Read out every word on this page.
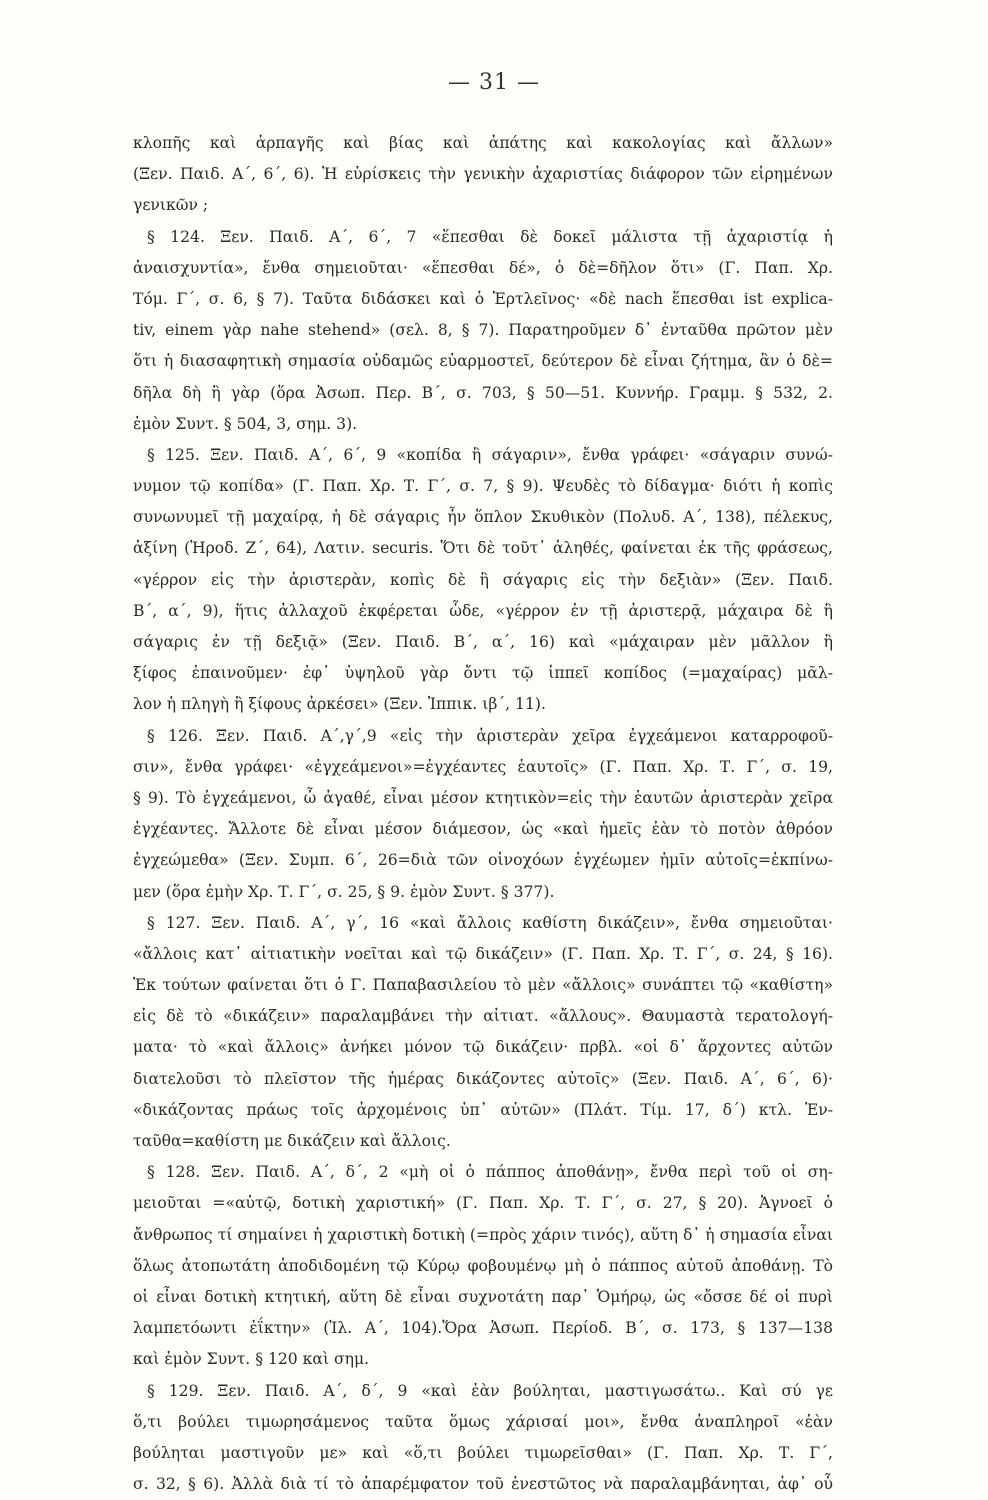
— 31 —
κλοπῆς καὶ ἁρπαγῆς καὶ βίας καὶ ἀπάτης καὶ κακολογίας καὶ ἄλλων»
(Ξεν. Παιδ. Α΄, 6΄, 6). Ἡ εὑρίσκεις τὴν γενικὴν ἀχαριστίας διάφορον τῶν εἰρημένων
γενικῶν ;
§ 124. Ξεν. Παιδ. Α΄, 6΄, 7 «ἕπεσθαι δὲ δοκεῖ μάλιστα τῇ ἀχαριστίᾳ ἡ
ἀναισχυντία», ἔνθα σημειοῦται· «ἕπεσθαι δέ», ὁ δὲ=δῆλον ὅτι» (Γ. Παπ. Χρ.
Τόμ. Γ΄, σ. 6, § 7). Ταῦτα διδάσκει καὶ ὁ Ἑρτλεῖνος· «δὲ nach ἕπεσθαι ist explica-
tiv, einem γὰρ nahe stehend» (σελ. 8, § 7). Παρατηροῦμεν δ᾿ ἐνταῦθα πρῶτον μὲν
ὅτι ἡ διασαφητικὴ σημασία οὐδαμῶς εὐαρμοστεῖ, δεύτερον δὲ εἶναι ζήτημα, ἂν ὁ δὲ=
δῆλα δὴ ἢ γὰρ (ὅρα Ἀσωπ. Περ. Β΄, σ. 703, § 50—51. Κυννήρ. Γραμμ. § 532, 2.
ἐμὸν Συντ. § 504, 3, σημ. 3).
§ 125. Ξεν. Παιδ. Α΄, 6΄, 9 «κοπίδα ἢ σάγαριν», ἔνθα γράφει· «σάγαριν συνώ-
νυμον τῷ κοπίδα» (Γ. Παπ. Χρ. Τ. Γ΄, σ. 7, § 9). Ψευδὲς τὸ δίδαγμα· διότι ἡ κοπὶς
συνωνυμεῖ τῇ μαχαίρᾳ, ἡ δὲ σάγαρις ἦν ὅπλον Σκυθικὸν (Πολυδ. Α΄, 138), πέλεκυς,
ἀξίνη (Ἡροδ. Ζ΄, 64), Λατιν. securis. Ὅτι δὲ τοῦτ᾿ ἀληθές, φαίνεται ἐκ τῆς φράσεως,
«γέρρον εἰς τὴν ἀριστερὰν, κοπὶς δὲ ἢ σάγαρις εἰς τὴν δεξιὰν» (Ξεν. Παιδ.
Β΄, α΄, 9), ἥτις ἀλλαχοῦ ἐκφέρεται ὧδε, «γέρρον ἐν τῇ ἀριστερᾷ, μάχαιρα δὲ ἢ
σάγαρις ἐν τῇ δεξιᾷ» (Ξεν. Παιδ. Β΄, α΄, 16) καὶ «μάχαιραν μὲν μᾶλλον ἢ
ξίφος ἐπαινοῦμεν· ἐφ᾿ ὑψηλοῦ γὰρ ὄντι τῷ ἱππεῖ κοπίδος (=μαχαίρας) μᾶλ-
λον ἡ πληγὴ ἢ ξίφους ἀρκέσει» (Ξεν. Ἱππικ. ιβ΄, 11).
§ 126. Ξεν. Παιδ. Α΄,γ΄,9 «εἰς τὴν ἀριστερὰν χεῖρα ἐγχεάμενοι καταρροφοῦ-
σιν», ἔνθα γράφει· «ἐγχεάμενοι»=ἐγχέαντες ἑαυτοῖς» (Γ. Παπ. Χρ. Τ. Γ΄, σ. 19,
§ 9). Τὸ ἐγχεάμενοι, ὦ ἀγαθέ, εἶναι μέσον κτητικὸν=εἰς τὴν ἑαυτῶν ἀριστερὰν χεῖρα
ἐγχέαντες. Ἄλλοτε δὲ εἶναι μέσον διάμεσον, ὡς «καὶ ἡμεῖς ἐὰν τὸ ποτὸν ἀθρόον
ἐγχεώμεθα» (Ξεν. Συμπ. 6΄, 26=διὰ τῶν οἰνοχόων ἐγχέωμεν ἡμῖν αὐτοῖς=ἐκπίνω-
μεν (ὅρα ἐμὴν Χρ. Τ. Γ΄, σ. 25, § 9. ἐμὸν Συντ. § 377).
§ 127. Ξεν. Παιδ. Α΄, γ΄, 16 «καὶ ἄλλοις καθίστη δικάζειν», ἔνθα σημειοῦται·
«ἄλλοις κατ᾿ αἰτιατικὴν νοεῖται καὶ τῷ δικάζειν» (Γ. Παπ. Χρ. Τ. Γ΄, σ. 24, § 16).
Ἐκ τούτων φαίνεται ὅτι ὁ Γ. Παπαβασιλείου τὸ μὲν «ἄλλοις» συνάπτει τῷ «καθίστη»
εἰς δὲ τὸ «δικάζειν» παραλαμβάνει τὴν αἰτιατ. «ἄλλους». Θαυμαστὰ τερατολογή-
ματα· τὸ «καὶ ἄλλοις» ἀνήκει μόνον τῷ δικάζειν· πρβλ. «οἱ δ᾿ ἄρχοντες αὐτῶν
διατελοῦσι τὸ πλεῖστον τῆς ἡμέρας δικάζοντες αὐτοῖς» (Ξεν. Παιδ. Α΄, 6΄, 6)·
«δικάζοντας πράως τοῖς ἀρχομένοις ὑπ᾿ αὐτῶν» (Πλάτ. Τίμ. 17, δ΄) κτλ. Ἐν-
ταῦθα=καθίστη με δικάζειν καὶ ἄλλοις.
§ 128. Ξεν. Παιδ. Α΄, δ΄, 2 «μὴ οἱ ὁ πάππος ἀποθάνῃ», ἔνθα περὶ τοῦ οἱ ση-
μειοῦται =«αὐτῷ, δοτικὴ χαριστική» (Γ. Παπ. Χρ. Τ. Γ΄, σ. 27, § 20). Ἀγνοεῖ ὁ
ἄνθρωπος τί σημαίνει ἡ χαριστικὴ δοτικὴ (=πρὸς χάριν τινός), αὕτη δ᾿ ἡ σημασία εἶναι
ὅλως ἀτοπωτάτη ἀποδιδομένη τῷ Κύρῳ φοβουμένῳ μὴ ὁ πάππος αὐτοῦ ἀποθάνῃ. Τὸ
οἱ εἶναι δοτικὴ κτητική, αὕτη δὲ εἶναι συχνοτάτη παρ᾿ Ὁμήρῳ, ὡς «ὄσσε δέ οἱ πυρὶ
λαμπετόωντι ἐΐκτην» (Ἰλ. Α΄, 104).Ὅρα Ἀσωπ. Περίοδ. Β΄, σ. 173, § 137—138
καὶ ἐμὸν Συντ. § 120 καὶ σημ.
§ 129. Ξεν. Παιδ. Α΄, δ΄, 9 «καὶ ἐὰν βούληται, μαστιγωσάτω.. Καὶ σύ γε
ὅ,τι βούλει τιμωρησάμενος ταῦτα ὅμως χάρισαί μοι», ἔνθα ἀναπληροῖ «ἐὰν
βούληται μαστιγοῦν με» καὶ «ὅ,τι βούλει τιμωρεῖσθαι» (Γ. Παπ. Χρ. Τ. Γ΄,
σ. 32, § 6). Ἀλλὰ διὰ τί τὸ ἀπαρέμφατον τοῦ ἐνεστῶτος νὰ παραλαμβάνηται, ἀφ᾿ οὗ
